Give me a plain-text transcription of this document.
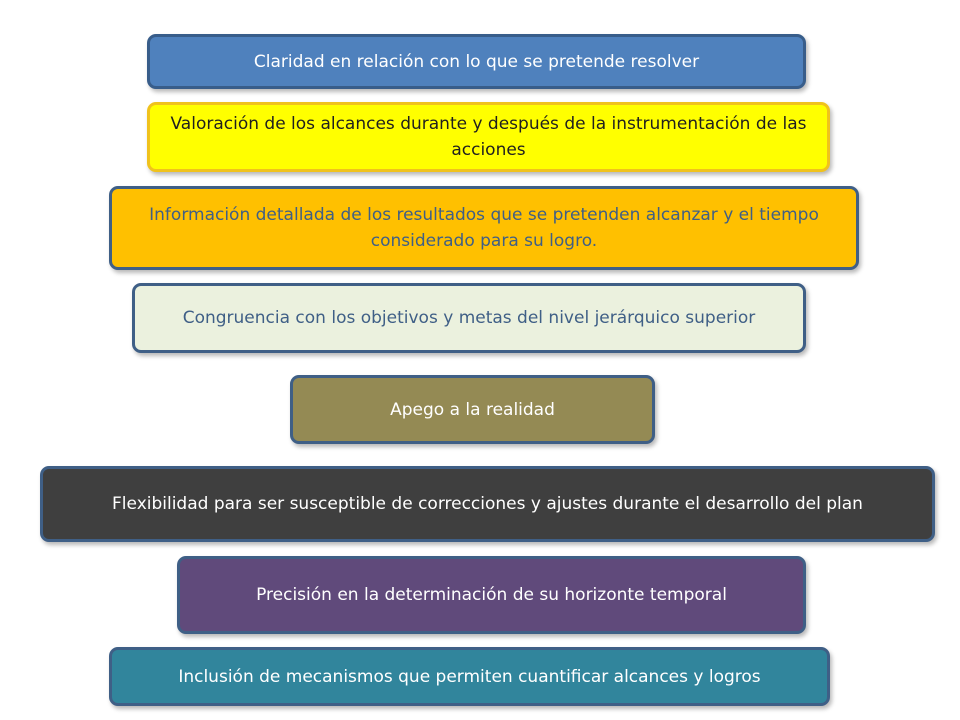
Claridad en relación con lo que se pretende resolver
Valoración de los alcances durante y después de la instrumentación de las acciones
Información detallada de los resultados que se pretenden alcanzar y el tiempo considerado para su logro.
Congruencia con los objetivos y metas del nivel jerárquico superior
Apego a la realidad
Flexibilidad para ser susceptible de correcciones y ajustes durante el desarrollo del plan
Precisión en la determinación de su horizonte temporal
Inclusión de mecanismos que permiten cuantificar alcances y logros
